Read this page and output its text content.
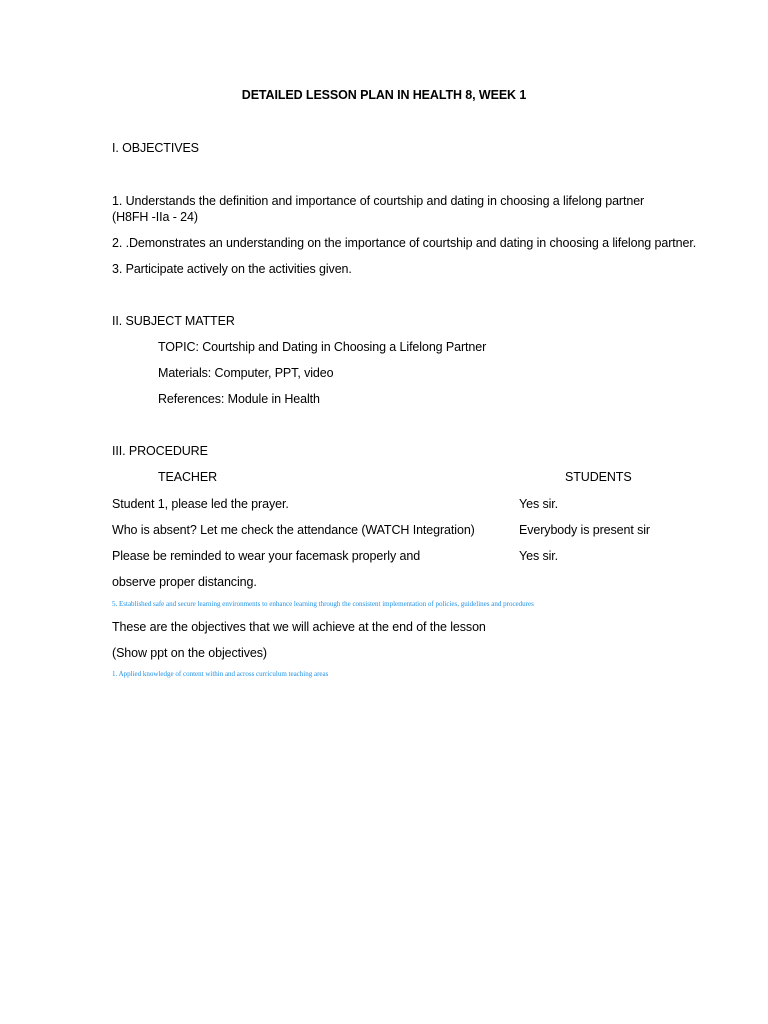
DETAILED LESSON PLAN IN HEALTH 8, WEEK 1
I. OBJECTIVES
1. Understands the definition and importance of courtship and dating in choosing a lifelong partner (H8FH -IIa - 24)
2. .Demonstrates an understanding on the importance of courtship and dating in choosing a lifelong partner.
3. Participate actively on the activities given.
II. SUBJECT MATTER
TOPIC: Courtship and Dating in Choosing a Lifelong Partner
Materials: Computer, PPT, video
References: Module in Health
III. PROCEDURE
TEACHER	STUDENTS
Student 1, please led the prayer.	Yes sir.
Who is absent? Let me check the attendance (WATCH Integration)	Everybody is present sir
Please be reminded to wear your facemask properly and	Yes sir.
observe proper distancing.
5. Established safe and secure learning environments to enhance learning through the consistent implementation of policies, guidelines and procedures
These are the objectives that we will achieve at the end of the lesson
(Show ppt on the objectives)
1. Applied knowledge of content within and across curriculum teaching areas
